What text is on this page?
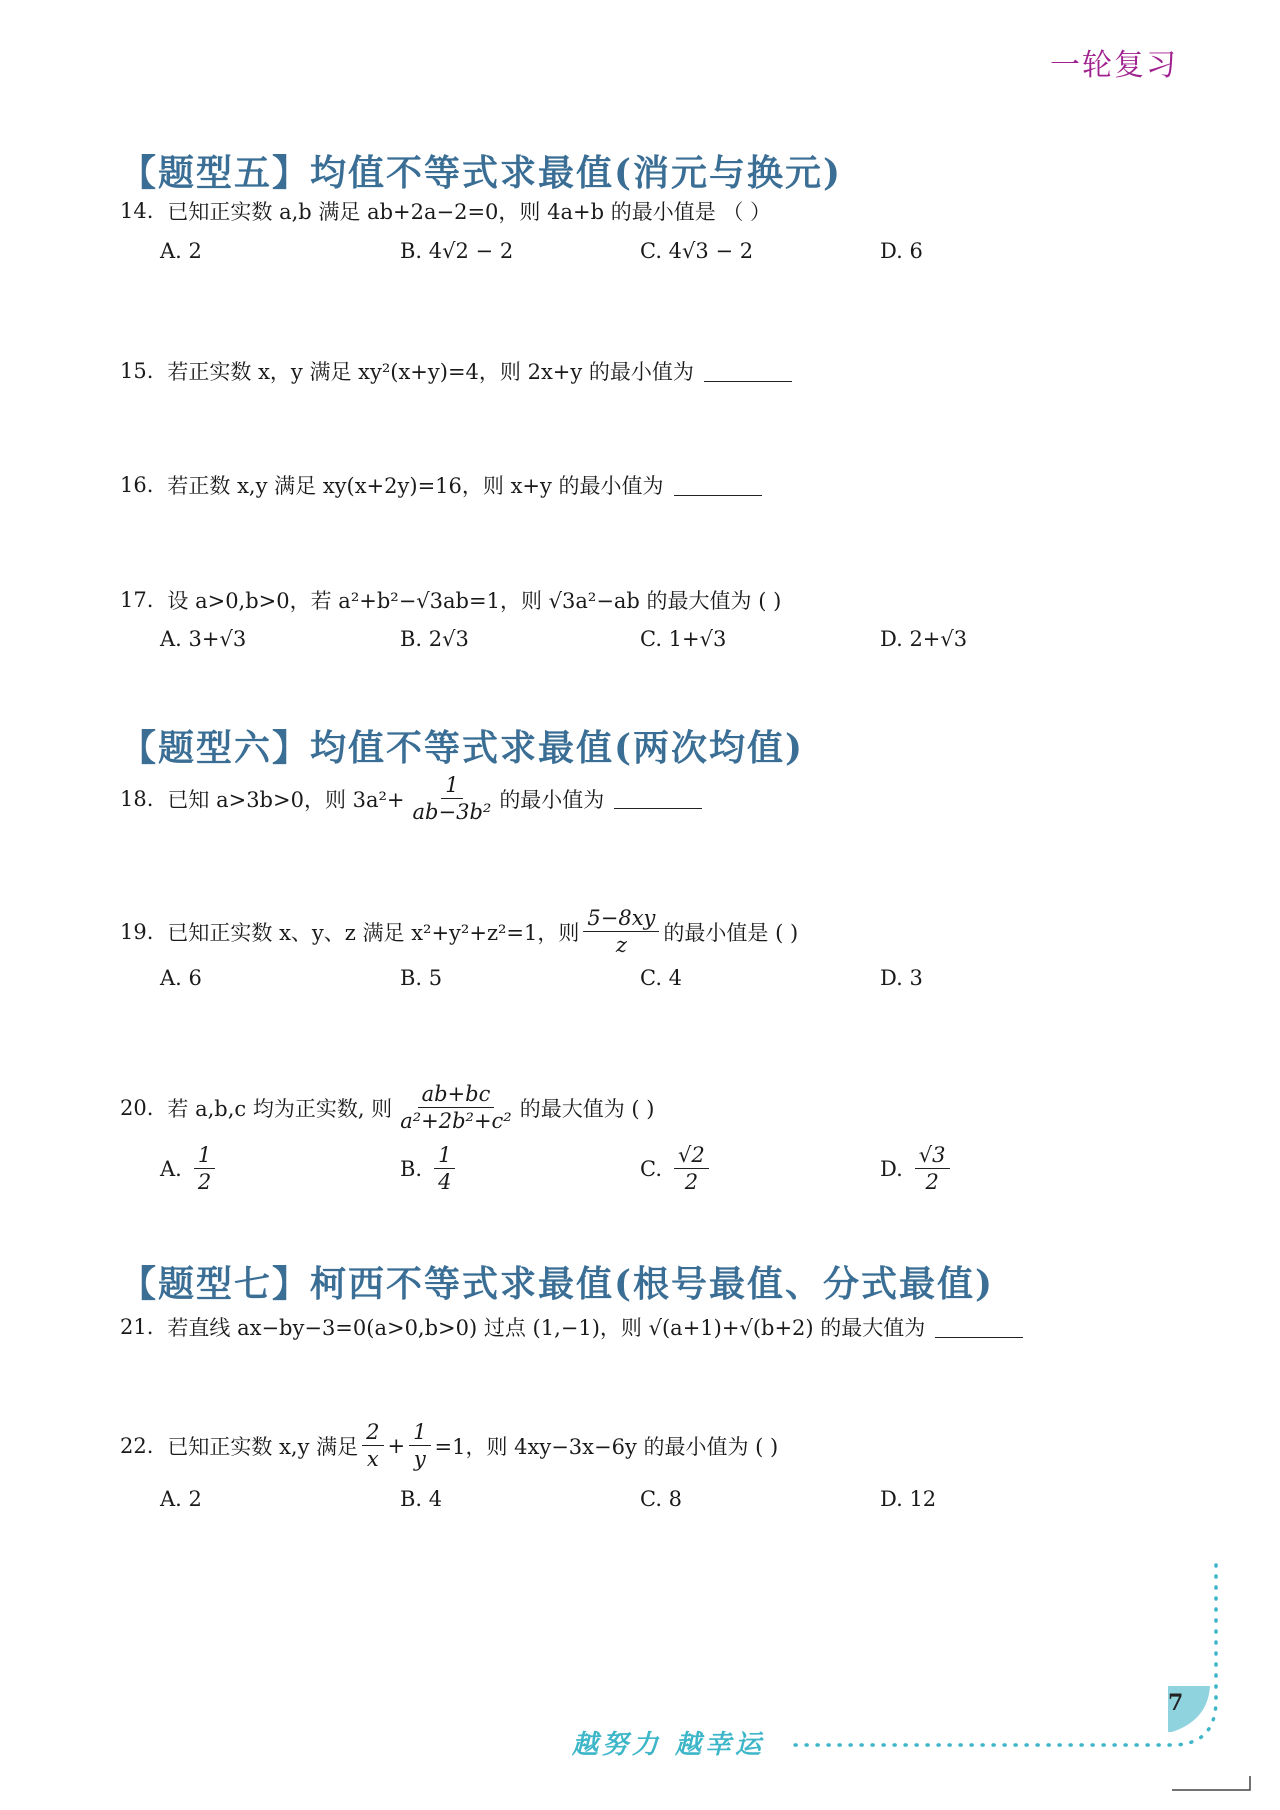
一轮复习
【题型五】均值不等式求最值(消元与换元)
14. 已知正实数 a,b 满足 ab+2a−2=0，则 4a+b 的最小值是 （ ）
A. 2	B. 4√2 − 2	C. 4√3 − 2	D. 6
15. 若正实数 x，y 满足 xy²(x+y)=4，则 2x+y 的最小值为
16. 若正数 x,y 满足 xy(x+2y)=16，则 x+y 的最小值为
17. 设 a>0,b>0，若 a²+b²−√3ab=1，则 √3a²−ab 的最大值为 ( )
A. 3+√3	B. 2√3	C. 1+√3	D. 2+√3
【题型六】均值不等式求最值(两次均值)
18. 已知 a>3b>0，则 $3a^2+ \frac{1}{\text{ab−3b²}}$ 的最小值为
19. 已知正实数 x、y、z 满足 x²+y²+z²=1，则 $\frac{5-8xy}{z}$ 的最小值是 ( )
A. 6	B. 5	C. 4	D. 3
20. 若 a,b,c 均为正实数, 则 $\frac{ab+bc}{\text{a²+2b²+c²}}$ 的最大值为 ( )
A. $\frac{1}{2}$	B. $\frac{1}{4}$	C. $\frac{√2}{2}$	D. $\frac{√3}{2}$
【题型七】柯西不等式求最值(根号最值、分式最值)
21. 若直线 ax−by−3=0(a>0,b>0) 过点 (1,−1)，则 √(a+1)+√(b+2) 的最大值为
22. 已知正实数 x,y 满足 $\frac{2}{x} + \frac{1}{y} =1$，则 4xy−3x−6y 的最小值为 ( )
A. 2	B. 4	C. 8	D. 12
7
越努力 越幸运
